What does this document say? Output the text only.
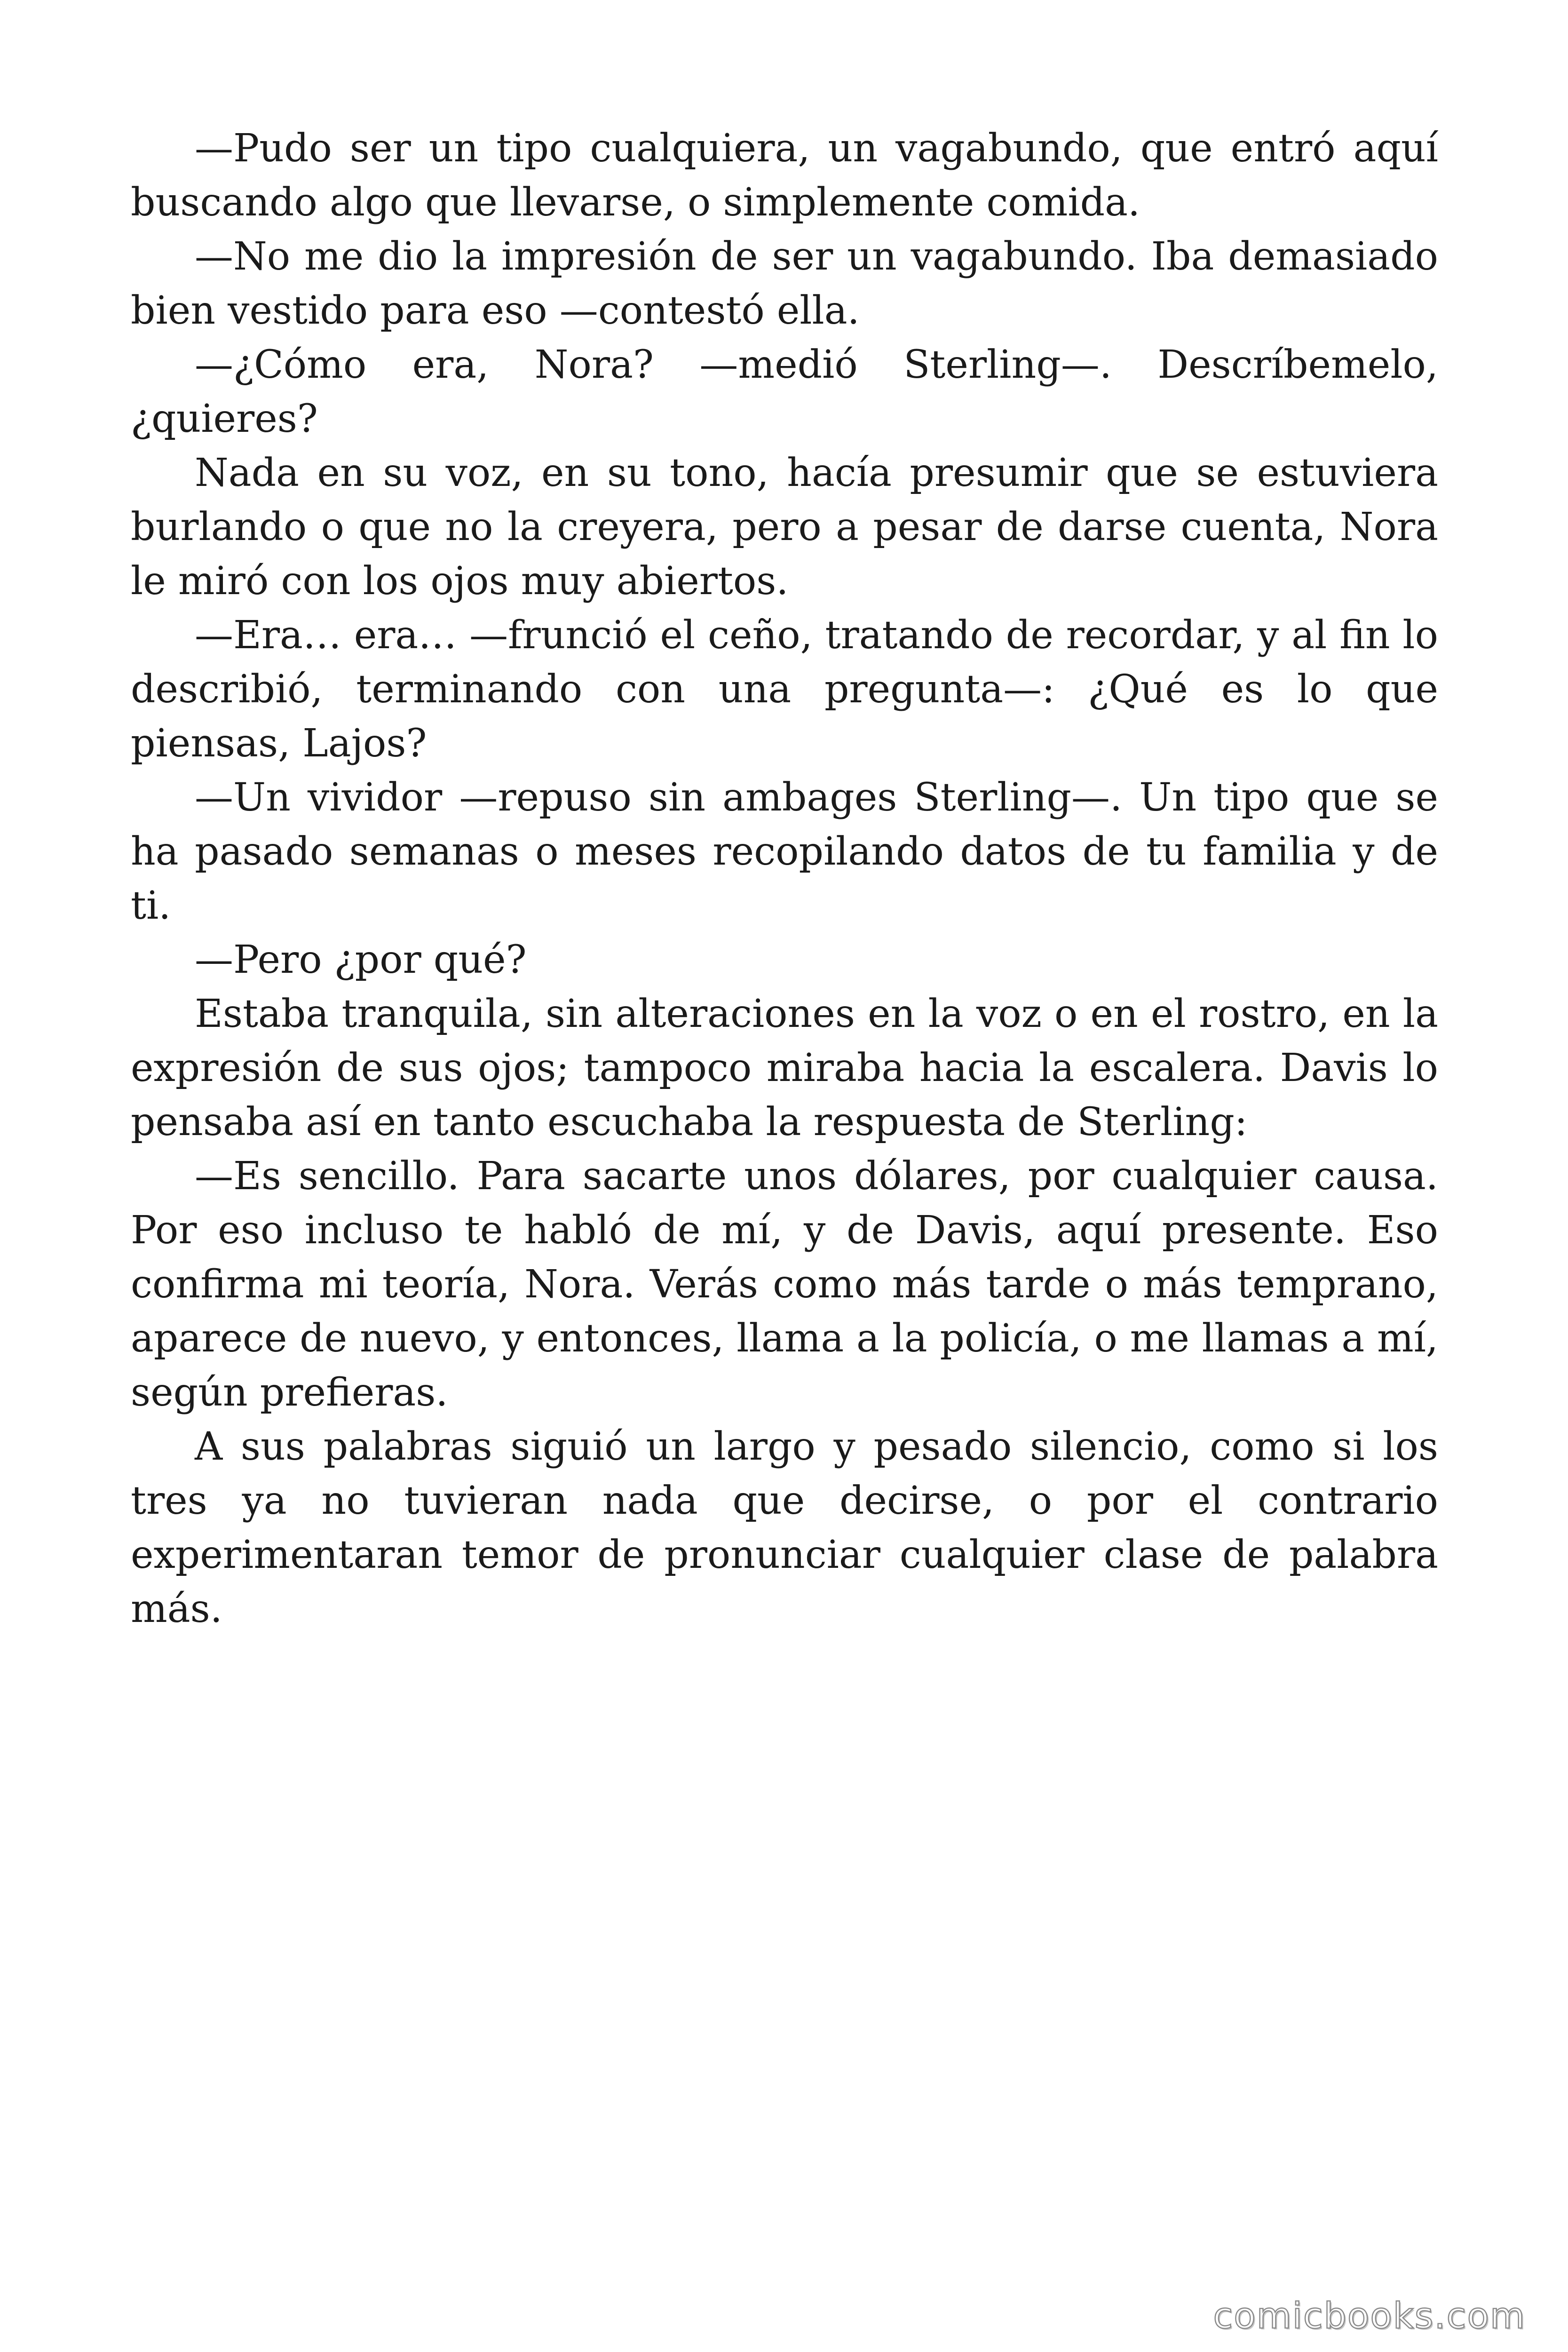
—Pudo ser un tipo cualquiera, un vagabundo, que entró aquí buscando algo que llevarse, o simplemente comida.

—No me dio la impresión de ser un vagabundo. Iba demasiado bien vestido para eso —contestó ella.

—¿Cómo era, Nora? —medió Sterling—. Descríbemelo, ¿quieres?

Nada en su voz, en su tono, hacía presumir que se estuviera burlando o que no la creyera, pero a pesar de darse cuenta, Nora le miró con los ojos muy abiertos.

—Era… era… —frunció el ceño, tratando de recordar, y al fin lo describió, terminando con una pregunta—: ¿Qué es lo que piensas, Lajos?

—Un vividor —repuso sin ambages Sterling—. Un tipo que se ha pasado semanas o meses recopilando datos de tu familia y de ti.

—Pero ¿por qué?

Estaba tranquila, sin alteraciones en la voz o en el rostro, en la expresión de sus ojos; tampoco miraba hacia la escalera. Davis lo pensaba así en tanto escuchaba la respuesta de Sterling:

—Es sencillo. Para sacarte unos dólares, por cualquier causa. Por eso incluso te habló de mí, y de Davis, aquí presente. Eso confirma mi teoría, Nora. Verás como más tarde o más temprano, aparece de nuevo, y entonces, llama a la policía, o me llamas a mí, según prefieras.

A sus palabras siguió un largo y pesado silencio, como si los tres ya no tuvieran nada que decirse, o por el contrario experimentaran temor de pronunciar cualquier clase de palabra más.

comicbooks.com
